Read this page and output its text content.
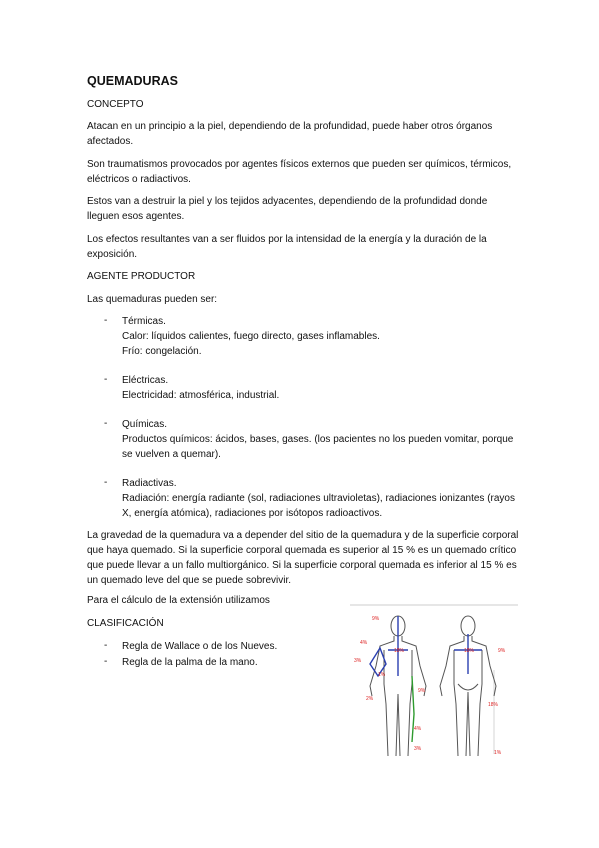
QUEMADURAS
CONCEPTO
Atacan en un principio a la piel, dependiendo de la profundidad, puede haber otros órganos afectados.
Son traumatismos provocados por agentes físicos externos que pueden ser químicos, térmicos, eléctricos o radiactivos.
Estos van a destruir la piel y los tejidos adyacentes, dependiendo de la profundidad donde lleguen esos agentes.
Los efectos resultantes van a ser fluidos por la intensidad de la energía y la duración de la exposición.
AGENTE PRODUCTOR
Las quemaduras pueden ser:
- Térmicas.
Calor: líquidos calientes, fuego directo, gases inflamables.
Frío: congelación.
- Eléctricas.
Electricidad: atmosférica, industrial.
- Químicas.
Productos químicos: ácidos, bases, gases. (los pacientes no los pueden vomitar, porque se vuelven a quemar).
- Radiactivas.
Radiación: energía radiante (sol, radiaciones ultravioletas), radiaciones ionizantes (rayos X, energía atómica), radiaciones por isótopos radioactivos.
La gravedad de la quemadura va a depender del sitio de la quemadura y de la superficie corporal que haya quemado. Si la superficie corporal quemada es superior al 15 % es un quemado crítico que puede llevar a un fallo multiorgánico. Si la superficie corporal quemada es inferior al 15 % es un quemado leve del que se puede sobrevivir.
Para el cálculo de la extensión utilizamos
CLASIFICACIÓN
- Regla de Wallace o de los Nueves.
- Regla de la palma de la mano.
9%
4%
3%
18%
1%
2%
9%
4%
3%
18%	9%
18%
1%
